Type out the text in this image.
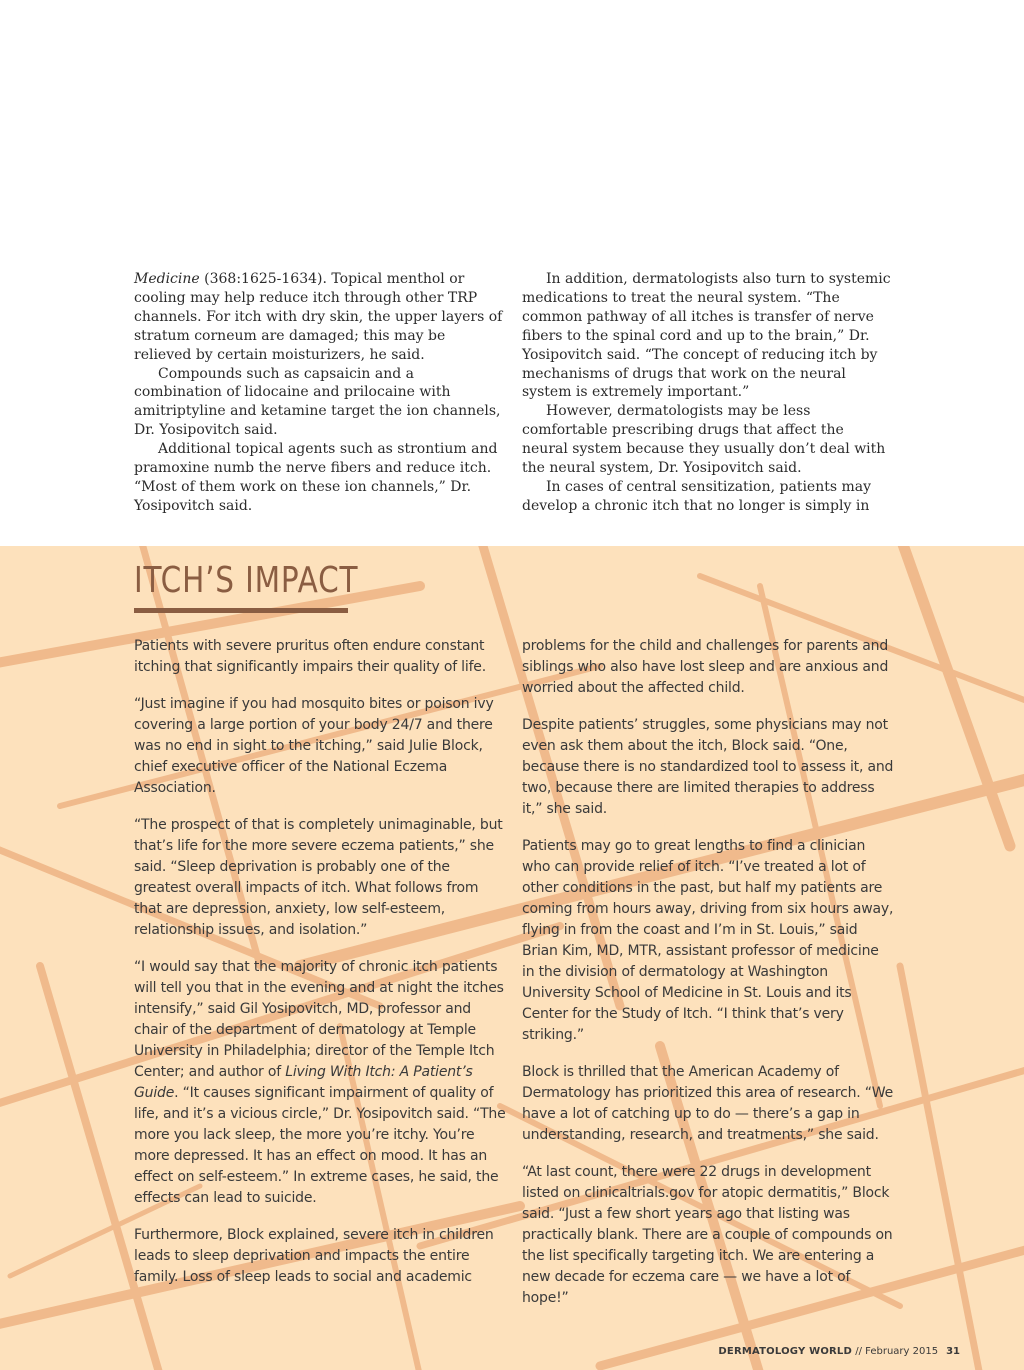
Medicine (368:1625-1634). Topical menthol or cooling may help reduce itch through other TRP channels. For itch with dry skin, the upper layers of stratum corneum are damaged; this may be relieved by certain moisturizers, he said.

Compounds such as capsaicin and a combination of lidocaine and prilocaine with amitriptyline and ketamine target the ion channels, Dr. Yosipovitch said.

Additional topical agents such as strontium and pramoxine numb the nerve fibers and reduce itch. “Most of them work on these ion channels,” Dr. Yosipovitch said.

In addition, dermatologists also turn to systemic medications to treat the neural system. “The common pathway of all itches is transfer of nerve fibers to the spinal cord and up to the brain,” Dr. Yosipovitch said. “The concept of reducing itch by mechanisms of drugs that work on the neural system is extremely important.”

However, dermatologists may be less comfortable prescribing drugs that affect the neural system because they usually don’t deal with the neural system, Dr. Yosipovitch said.

In cases of central sensitization, patients may develop a chronic itch that no longer is simply in

ITCH’S IMPACT

Patients with severe pruritus often endure constant itching that significantly impairs their quality of life.

“Just imagine if you had mosquito bites or poison ivy covering a large portion of your body 24/7 and there was no end in sight to the itching,” said Julie Block, chief executive officer of the National Eczema Association.

“The prospect of that is completely unimaginable, but that’s life for the more severe eczema patients,” she said. “Sleep deprivation is probably one of the greatest overall impacts of itch. What follows from that are depression, anxiety, low self-esteem, relationship issues, and isolation.”

“I would say that the majority of chronic itch patients will tell you that in the evening and at night the itches intensify,” said Gil Yosipovitch, MD, professor and chair of the department of dermatology at Temple University in Philadelphia; director of the Temple Itch Center; and author of Living With Itch: A Patient’s Guide. “It causes significant impairment of quality of life, and it’s a vicious circle,” Dr. Yosipovitch said. “The more you lack sleep, the more you’re itchy. You’re more depressed. It has an effect on mood. It has an effect on self-esteem.” In extreme cases, he said, the effects can lead to suicide.

Furthermore, Block explained, severe itch in children leads to sleep deprivation and impacts the entire family. Loss of sleep leads to social and academic

problems for the child and challenges for parents and siblings who also have lost sleep and are anxious and worried about the affected child.

Despite patients’ struggles, some physicians may not even ask them about the itch, Block said. “One, because there is no standardized tool to assess it, and two, because there are limited therapies to address it,” she said.

Patients may go to great lengths to find a clinician who can provide relief of itch. “I’ve treated a lot of other conditions in the past, but half my patients are coming from hours away, driving from six hours away, flying in from the coast and I’m in St. Louis,” said Brian Kim, MD, MTR, assistant professor of medicine in the division of dermatology at Washington University School of Medicine in St. Louis and its Center for the Study of Itch. “I think that’s very striking.”

Block is thrilled that the American Academy of Dermatology has prioritized this area of research. “We have a lot of catching up to do — there’s a gap in understanding, research, and treatments,” she said.

“At last count, there were 22 drugs in development listed on clinicaltrials.gov for atopic dermatitis,” Block said. “Just a few short years ago that listing was practically blank. There are a couple of compounds on the list specifically targeting itch. We are entering a new decade for eczema care — we have a lot of hope!”

DERMATOLOGY WORLD // February 2015 31
